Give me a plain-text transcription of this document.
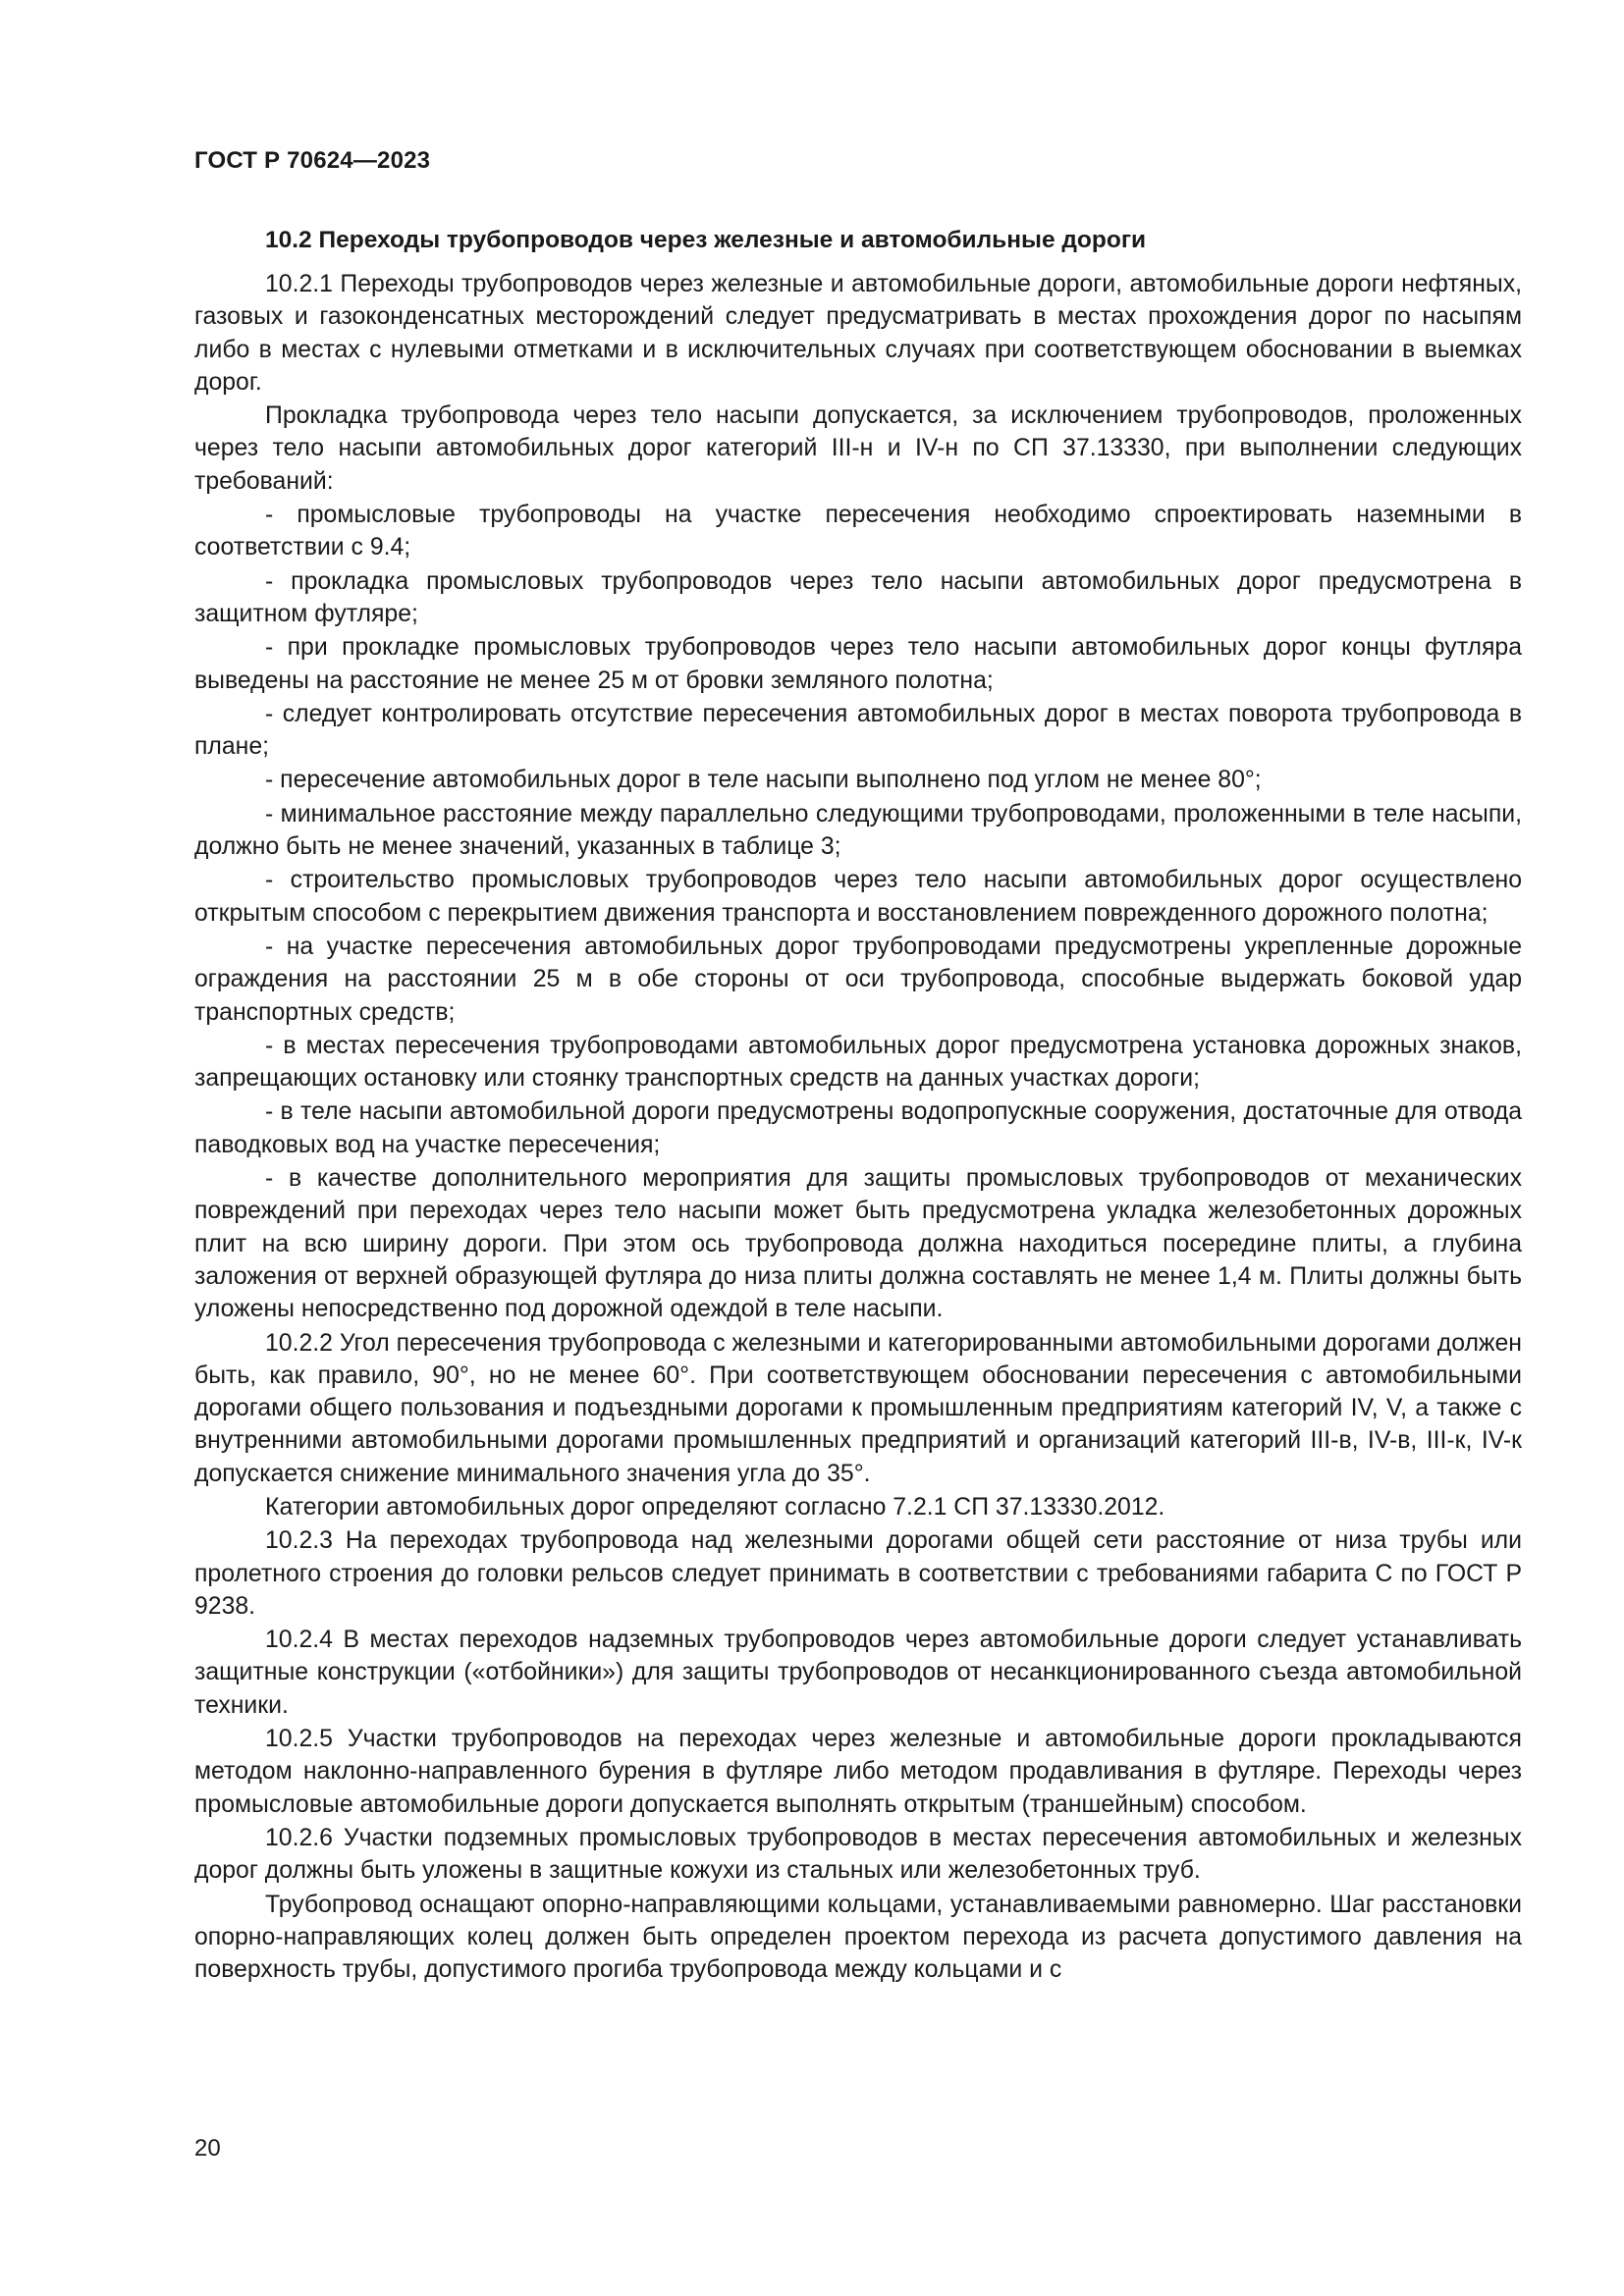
ГОСТ Р 70624—2023
10.2 Переходы трубопроводов через железные и автомобильные дороги

10.2.1 Переходы трубопроводов через железные и автомобильные дороги, автомобильные дороги нефтяных, газовых и газоконденсатных месторождений следует предусматривать в местах прохождения дорог по насыпям либо в местах с нулевыми отметками и в исключительных случаях при соответствующем обосновании в выемках дорог.

Прокладка трубопровода через тело насыпи допускается, за исключением трубопроводов, проложенных через тело насыпи автомобильных дорог категорий III-н и IV-н по СП 37.13330, при выполнении следующих требований:

- промысловые трубопроводы на участке пересечения необходимо спроектировать наземными в соответствии с 9.4;

- прокладка промысловых трубопроводов через тело насыпи автомобильных дорог предусмотрена в защитном футляре;

- при прокладке промысловых трубопроводов через тело насыпи автомобильных дорог концы футляра выведены на расстояние не менее 25 м от бровки земляного полотна;

- следует контролировать отсутствие пересечения автомобильных дорог в местах поворота трубопровода в плане;

- пересечение автомобильных дорог в теле насыпи выполнено под углом не менее 80°;

- минимальное расстояние между параллельно следующими трубопроводами, проложенными в теле насыпи, должно быть не менее значений, указанных в таблице 3;

- строительство промысловых трубопроводов через тело насыпи автомобильных дорог осуществлено открытым способом с перекрытием движения транспорта и восстановлением поврежденного дорожного полотна;

- на участке пересечения автомобильных дорог трубопроводами предусмотрены укрепленные дорожные ограждения на расстоянии 25 м в обе стороны от оси трубопровода, способные выдержать боковой удар транспортных средств;

- в местах пересечения трубопроводами автомобильных дорог предусмотрена установка дорожных знаков, запрещающих остановку или стоянку транспортных средств на данных участках дороги;

- в теле насыпи автомобильной дороги предусмотрены водопропускные сооружения, достаточные для отвода паводковых вод на участке пересечения;

- в качестве дополнительного мероприятия для защиты промысловых трубопроводов от механических повреждений при переходах через тело насыпи может быть предусмотрена укладка железобетонных дорожных плит на всю ширину дороги. При этом ось трубопровода должна находиться посередине плиты, а глубина заложения от верхней образующей футляра до низа плиты должна составлять не менее 1,4 м. Плиты должны быть уложены непосредственно под дорожной одеждой в теле насыпи.

10.2.2 Угол пересечения трубопровода с железными и категорированными автомобильными дорогами должен быть, как правило, 90°, но не менее 60°. При соответствующем обосновании пересечения с автомобильными дорогами общего пользования и подъездными дорогами к промышленным предприятиям категорий IV, V, а также с внутренними автомобильными дорогами промышленных предприятий и организаций категорий III-в, IV-в, III-к, IV-к допускается снижение минимального значения угла до 35°.

Категории автомобильных дорог определяют согласно 7.2.1 СП 37.13330.2012.

10.2.3 На переходах трубопровода над железными дорогами общей сети расстояние от низа трубы или пролетного строения до головки рельсов следует принимать в соответствии с требованиями габарита С по ГОСТ Р 9238.

10.2.4 В местах переходов надземных трубопроводов через автомобильные дороги следует устанавливать защитные конструкции («отбойники») для защиты трубопроводов от несанкционированного съезда автомобильной техники.

10.2.5 Участки трубопроводов на переходах через железные и автомобильные дороги прокладываются методом наклонно-направленного бурения в футляре либо методом продавливания в футляре. Переходы через промысловые автомобильные дороги допускается выполнять открытым (траншейным) способом.

10.2.6 Участки подземных промысловых трубопроводов в местах пересечения автомобильных и железных дорог должны быть уложены в защитные кожухи из стальных или железобетонных труб.

Трубопровод оснащают опорно-направляющими кольцами, устанавливаемыми равномерно. Шаг расстановки опорно-направляющих колец должен быть определен проектом перехода из расчета допустимого давления на поверхность трубы, допустимого прогиба трубопровода между кольцами и с

20
